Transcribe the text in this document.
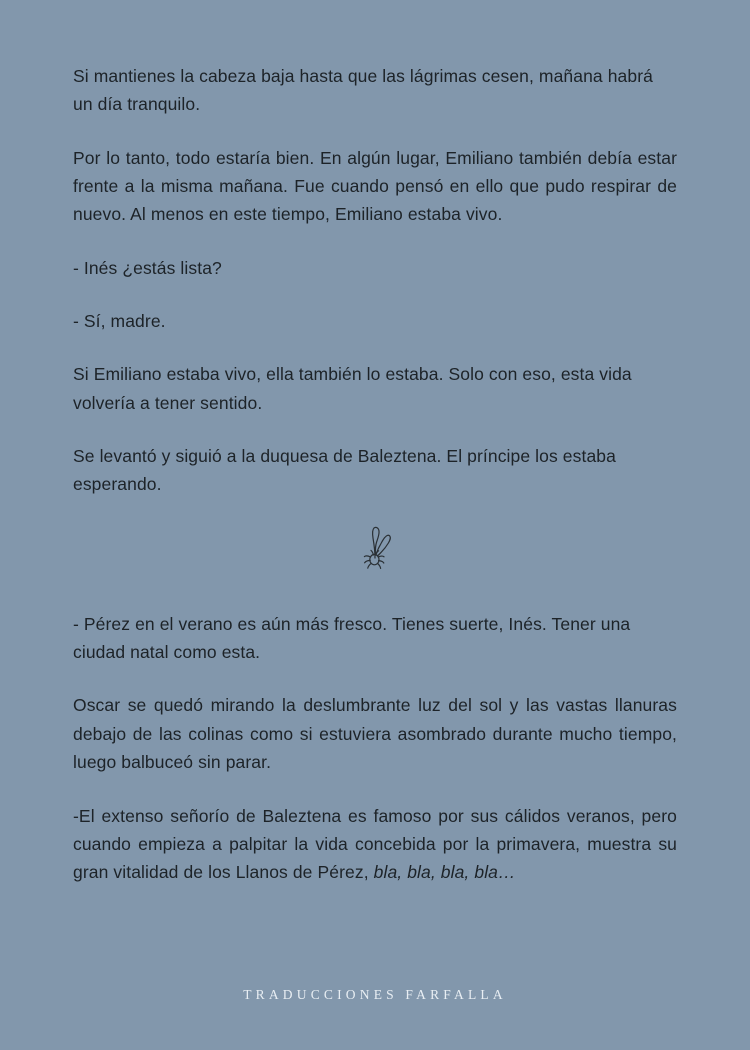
Si mantienes la cabeza baja hasta que las lágrimas cesen, mañana habrá un día tranquilo.

Por lo tanto, todo estaría bien. En algún lugar, Emiliano también debía estar frente a la misma mañana. Fue cuando pensó en ello que pudo respirar de nuevo. Al menos en este tiempo, Emiliano estaba vivo.

- Inés ¿estás lista?

- Sí, madre.

Si Emiliano estaba vivo, ella también lo estaba. Solo con eso, esta vida volvería a tener sentido.

Se levantó y siguió a la duquesa de Baleztena. El príncipe los estaba esperando.

- Pérez en el verano es aún más fresco. Tienes suerte, Inés. Tener una ciudad natal como esta.

Oscar se quedó mirando la deslumbrante luz del sol y las vastas llanuras debajo de las colinas como si estuviera asombrado durante mucho tiempo, luego balbuceó sin parar.

-El extenso señorío de Baleztena es famoso por sus cálidos veranos, pero cuando empieza a palpitar la vida concebida por la primavera, muestra su gran vitalidad de los Llanos de Pérez, bla, bla, bla, bla…

TRADUCCIONES FARFALLA
